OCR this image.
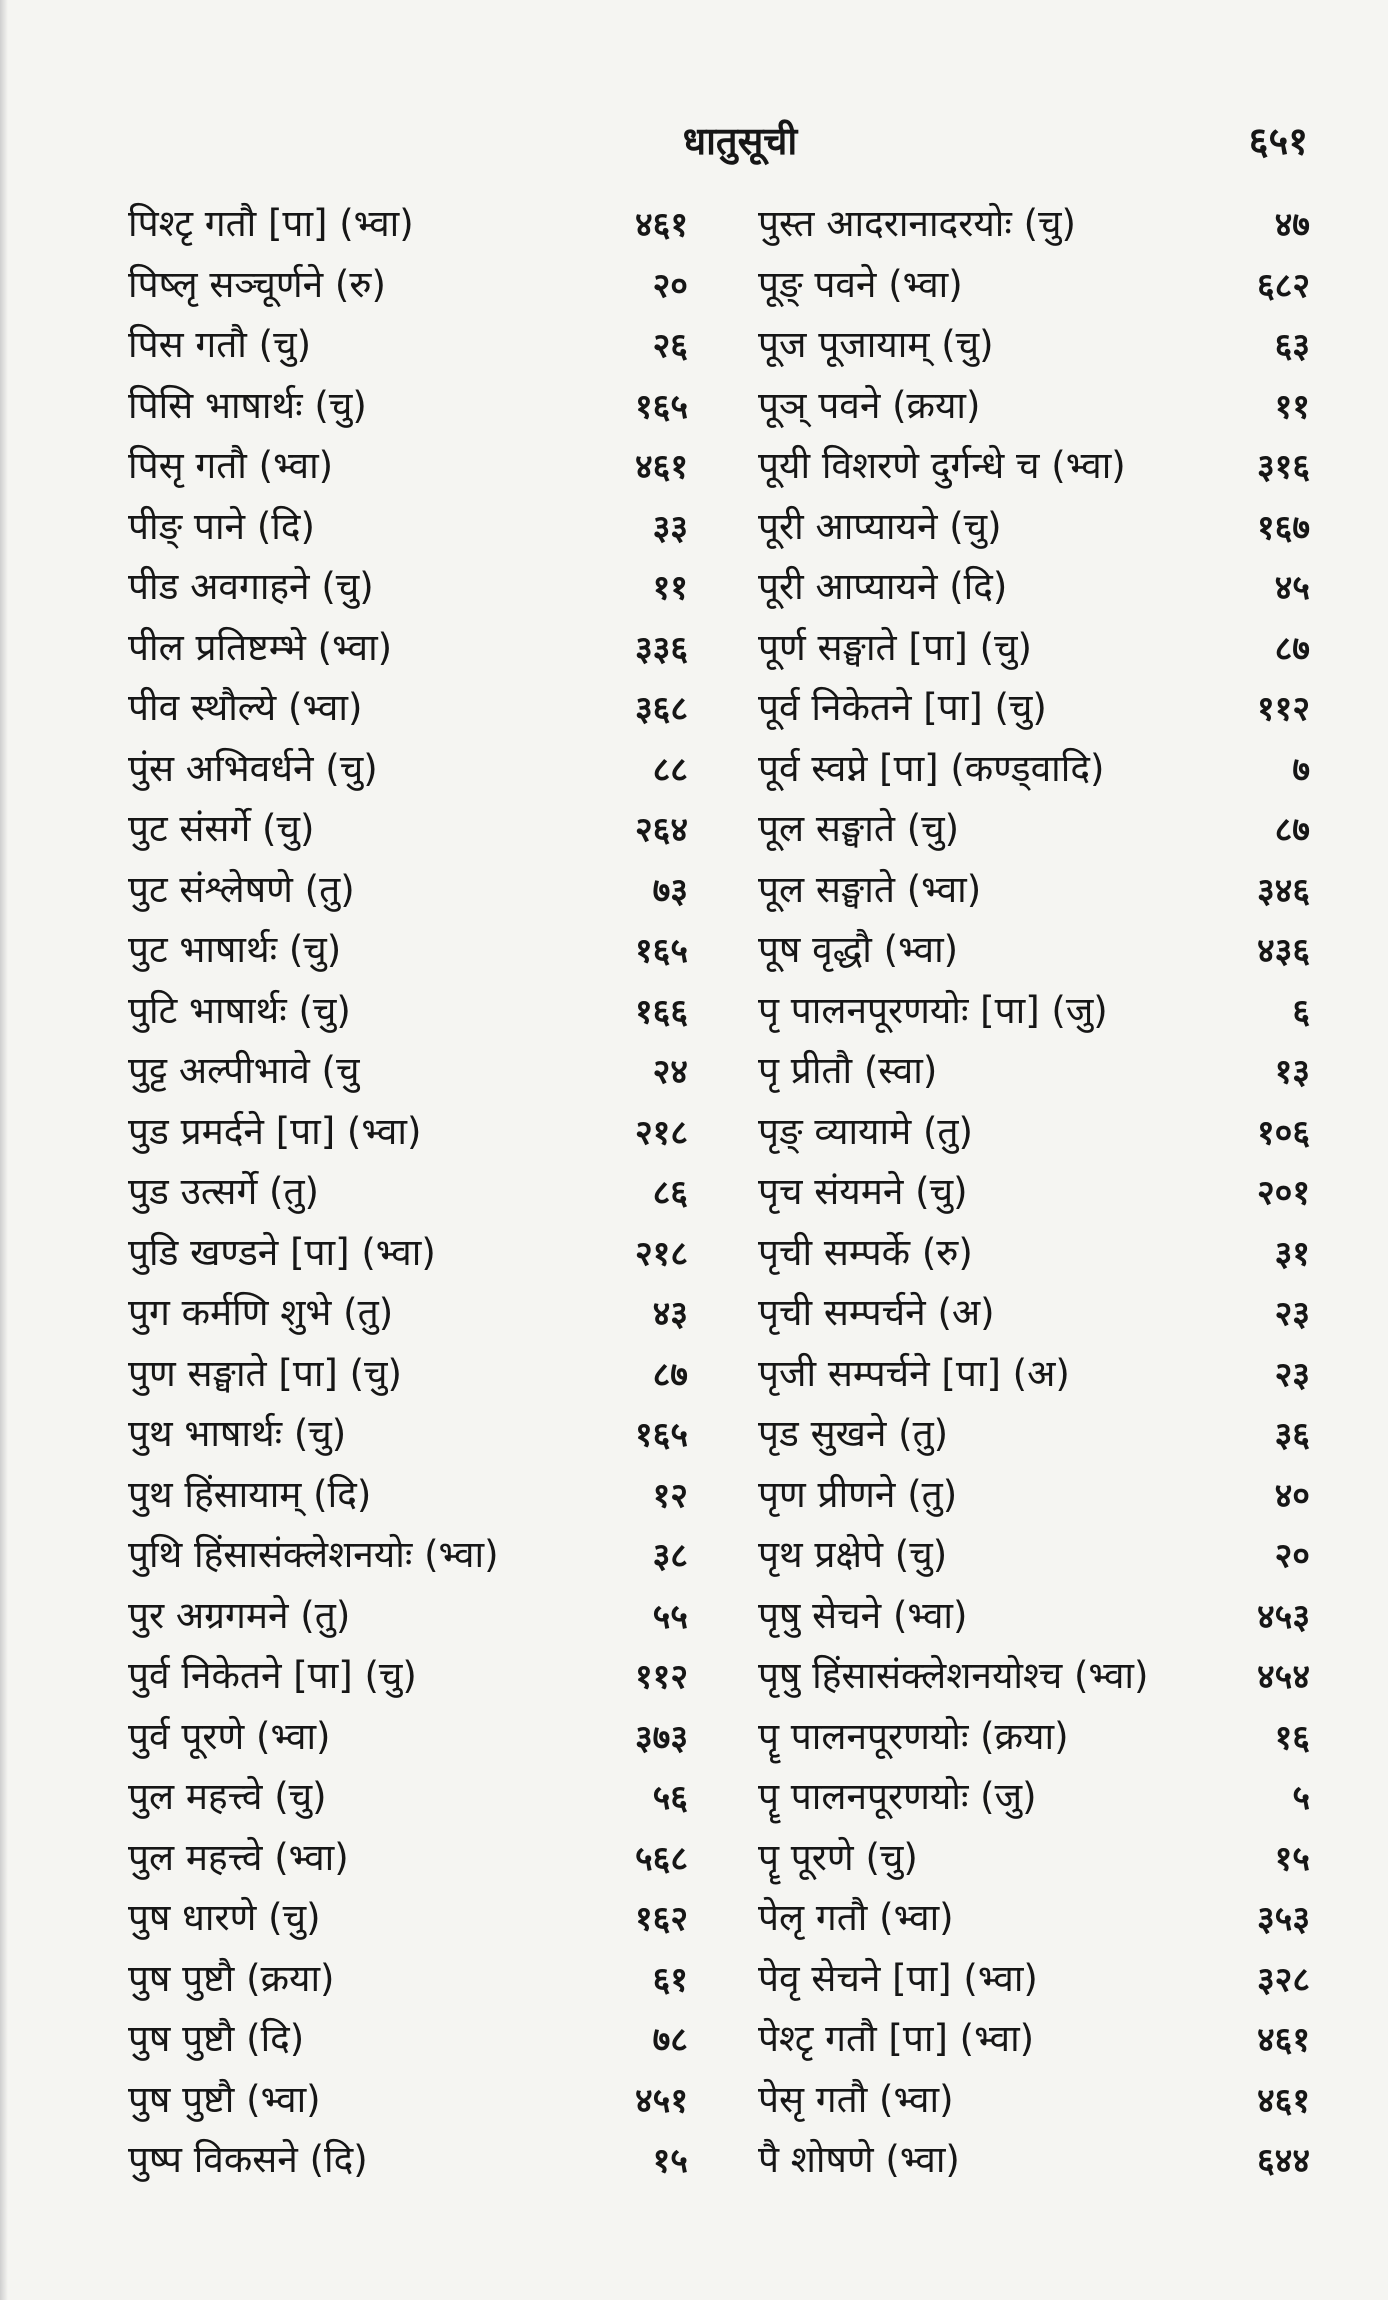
धातुसूची	६५१
पिश्टृ गतौ [पा] (भ्वा)	४६१
पिष्लृ सञ्चूर्णने (रु)	२०
पिस गतौ (चु)	२६
पिसि भाषार्थः (चु)	१६५
पिसृ गतौ (भ्वा)	४६१
पीङ् पाने (दि)	३३
पीड अवगाहने (चु)	११
पील प्रतिष्टम्भे (भ्वा)	३३६
पीव स्थौल्ये (भ्वा)	३६८
पुंस अभिवर्धने (चु)	८८
पुट संसर्गे (चु)	२६४
पुट संश्लेषणे (तु)	७३
पुट भाषार्थः (चु)	१६५
पुटि भाषार्थः (चु)	१६६
पुट्ट अल्पीभावे (चु	२४
पुड प्रमर्दने [पा] (भ्वा)	२१८
पुड उत्सर्गे (तु)	८६
पुडि खण्डने [पा] (भ्वा)	२१८
पुग कर्मणि शुभे (तु)	४३
पुण सङ्घाते [पा] (चु)	८७
पुथ भाषार्थः (चु)	१६५
पुथ हिंसायाम् (दि)	१२
पुथि हिंसासंक्लेशनयोः (भ्वा)	३८
पुर अग्रगमने (तु)	५५
पुर्व निकेतने [पा] (चु)	११२
पुर्व पूरणे (भ्वा)	३७३
पुल महत्त्वे (चु)	५६
पुल महत्त्वे (भ्वा)	५६८
पुष धारणे (चु)	१६२
पुष पुष्टौ (क्रया)	६१
पुष पुष्टौ (दि)	७८
पुष पुष्टौ (भ्वा)	४५१
पुष्प विकसने (दि)	१५
पुस्त आदरानादरयोः (चु)	४७
पूङ् पवने (भ्वा)	६८२
पूज पूजायाम् (चु)	६३
पूञ् पवने (क्रया)	११
पूयी विशरणे दुर्गन्धे च (भ्वा)	३१६
पूरी आप्यायने (चु)	१६७
पूरी आप्यायने (दि)	४५
पूर्ण सङ्घाते [पा] (चु)	८७
पूर्व निकेतने [पा] (चु)	११२
पूर्व स्वप्ने [पा] (कण्ड्वादि)	७
पूल सङ्घाते (चु)	८७
पूल सङ्घाते (भ्वा)	३४६
पूष वृद्धौ (भ्वा)	४३६
पृ पालनपूरणयोः [पा] (जु)	६
पृ प्रीतौ (स्वा)	१३
पृङ् व्यायामे (तु)	१०६
पृच संयमने (चु)	२०१
पृची सम्पर्के (रु)	३१
पृची सम्पर्चने (अ)	२३
पृजी सम्पर्चने [पा] (अ)	२३
पृड सुखने (तु)	३६
पृण प्रीणने (तु)	४०
पृथ प्रक्षेपे (चु)	२०
पृषु सेचने (भ्वा)	४५३
पृषु हिंसासंक्लेशनयोश्च (भ्वा)	४५४
पॄ पालनपूरणयोः (क्रया)	१६
पॄ पालनपूरणयोः (जु)	५
पॄ पूरणे (चु)	१५
पेलृ गतौ (भ्वा)	३५३
पेवृ सेचने [पा] (भ्वा)	३२८
पेश्टृ गतौ [पा] (भ्वा)	४६१
पेसृ गतौ (भ्वा)	४६१
पै शोषणे (भ्वा)	६४४
